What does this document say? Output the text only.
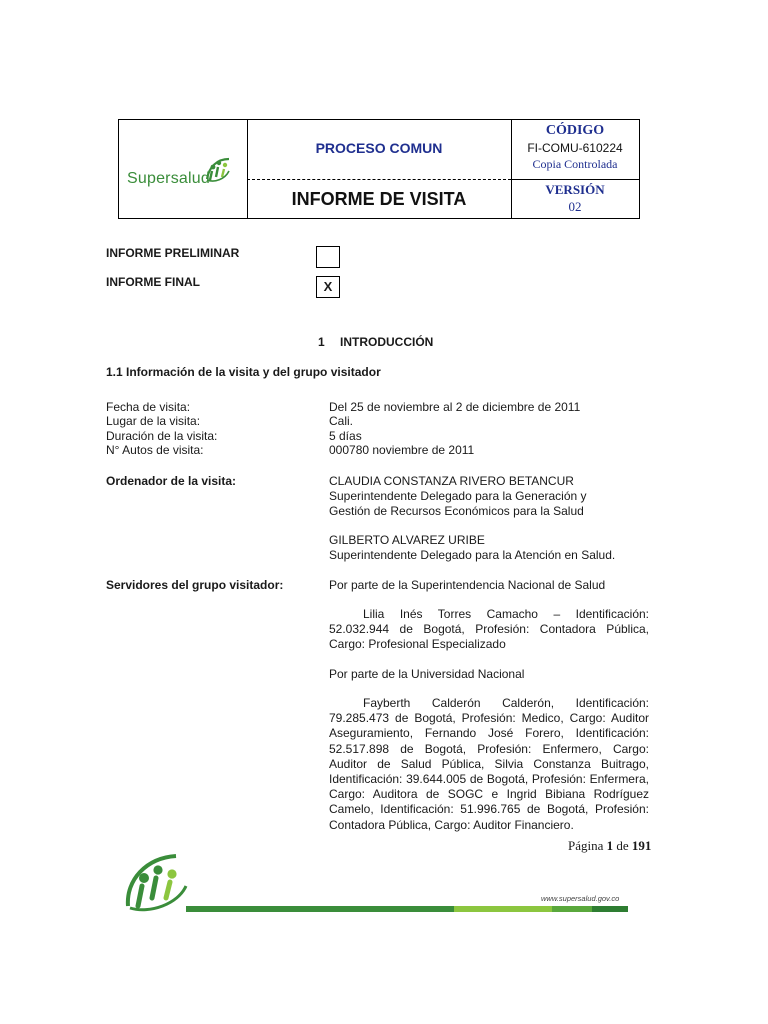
Supersalud
PROCESO COMUN
INFORME DE VISITA
CÓDIGO
FI-COMU-610224
Copia Controlada
VERSIÓN
02
INFORME PRELIMINAR
INFORME FINAL	X
1 INTRODUCCIÓN
1.1 Información de la visita y del grupo visitador
Fecha de visita:	Del 25 de noviembre al 2 de diciembre de 2011
Lugar de la visita:	Cali.
Duración de la visita:	5 días
N° Autos de visita:	000780 noviembre de 2011
Ordenador de la visita:	CLAUDIA CONSTANZA RIVERO BETANCUR
Superintendente Delegado para la Generación y
Gestión de Recursos Económicos para la Salud
GILBERTO ALVAREZ URIBE
Superintendente Delegado para la Atención en Salud.
Servidores del grupo visitador:	Por parte de la Superintendencia Nacional de Salud
Lilia Inés Torres Camacho – Identificación: 52.032.944 de Bogotá, Profesión: Contadora Pública, Cargo: Profesional Especializado
Por parte de la Universidad Nacional
Fayberth Calderón Calderón, Identificación: 79.285.473 de Bogotá, Profesión: Medico, Cargo: Auditor Aseguramiento, Fernando José Forero, Identificación: 52.517.898 de Bogotá, Profesión: Enfermero, Cargo: Auditor de Salud Pública, Silvia Constanza Buitrago, Identificación: 39.644.005 de Bogotá, Profesión: Enfermera, Cargo: Auditora de SOGC e Ingrid Bibiana Rodríguez Camelo, Identificación: 51.996.765 de Bogotá, Profesión: Contadora Pública, Cargo: Auditor Financiero.
Página 1 de 191
www.supersalud.gov.co
